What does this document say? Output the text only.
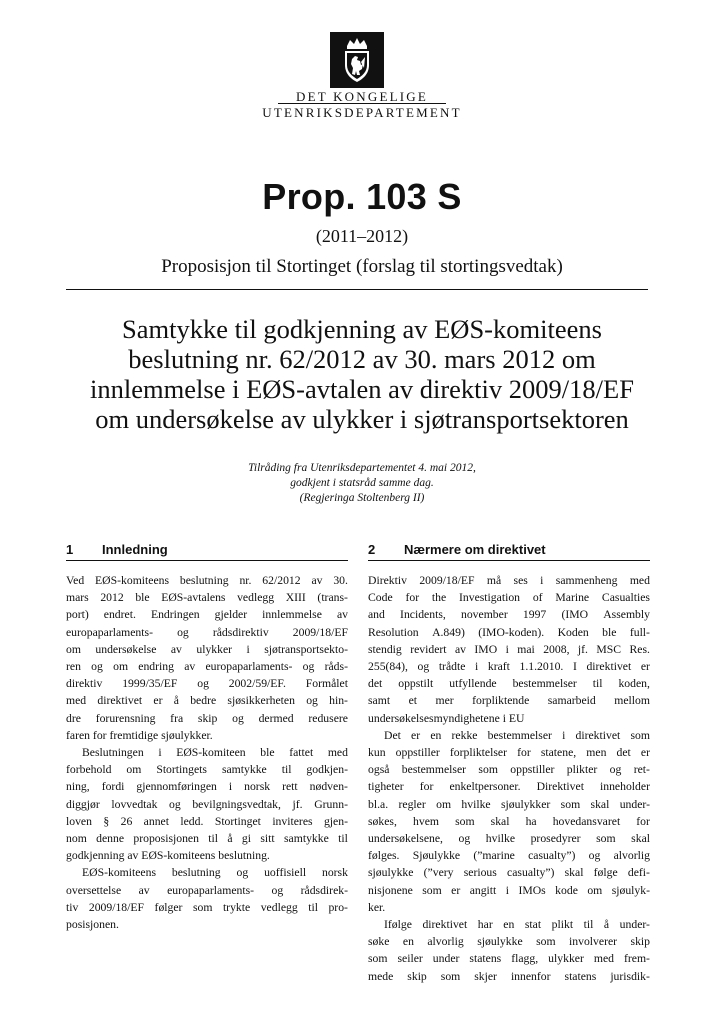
DET KONGELIGE
UTENRIKSDEPARTEMENT
Prop. 103 S
(2011–2012)
Proposisjon til Stortinget (forslag til stortingsvedtak)
Samtykke til godkjenning av EØS-komiteens
beslutning nr. 62/2012 av 30. mars 2012 om
innlemmelse i EØS-avtalen av direktiv 2009/18/EF
om undersøkelse av ulykker i sjøtransportsektoren
Tilråding fra Utenriksdepartementet 4. mai 2012,
godkjent i statsråd samme dag.
(Regjeringa Stoltenberg II)
1 Innledning
Ved EØS-komiteens beslutning nr. 62/2012 av 30.
mars 2012 ble EØS-avtalens vedlegg XIII (trans-
port) endret. Endringen gjelder innlemmelse av
europaparlaments- og rådsdirektiv 2009/18/EF
om undersøkelse av ulykker i sjøtransportsekto-
ren og om endring av europaparlaments- og råds-
direktiv 1999/35/EF og 2002/59/EF. Formålet
med direktivet er å bedre sjøsikkerheten og hin-
dre forurensning fra skip og dermed redusere
faren for fremtidige sjøulykker.
Beslutningen i EØS-komiteen ble fattet med
forbehold om Stortingets samtykke til godkjen-
ning, fordi gjennomføringen i norsk rett nødven-
diggjør lovvedtak og bevilgningsvedtak, jf. Grunn-
loven § 26 annet ledd. Stortinget inviteres gjen-
nom denne proposisjonen til å gi sitt samtykke til
godkjenning av EØS-komiteens beslutning.
EØS-komiteens beslutning og uoffisiell norsk
oversettelse av europaparlaments- og rådsdirek-
tiv 2009/18/EF følger som trykte vedlegg til pro-
posisjonen.
2 Nærmere om direktivet
Direktiv 2009/18/EF må ses i sammenheng med
Code for the Investigation of Marine Casualties
and Incidents, november 1997 (IMO Assembly
Resolution A.849) (IMO-koden). Koden ble full-
stendig revidert av IMO i mai 2008, jf. MSC Res.
255(84), og trådte i kraft 1.1.2010. I direktivet er
det oppstilt utfyllende bestemmelser til koden,
samt et mer forpliktende samarbeid mellom
undersøkelsesmyndighetene i EU
Det er en rekke bestemmelser i direktivet som
kun oppstiller forpliktelser for statene, men det er
også bestemmelser som oppstiller plikter og ret-
tigheter for enkeltpersoner. Direktivet inneholder
bl.a. regler om hvilke sjøulykker som skal under-
søkes, hvem som skal ha hovedansvaret for
undersøkelsene, og hvilke prosedyrer som skal
følges. Sjøulykke (”marine casualty”) og alvorlig
sjøulykke (”very serious casualty”) skal følge defi-
nisjonene som er angitt i IMOs kode om sjøulyk-
ker.
Ifølge direktivet har en stat plikt til å under-
søke en alvorlig sjøulykke som involverer skip
som seiler under statens flagg, ulykker med frem-
mede skip som skjer innenfor statens jurisdik-
